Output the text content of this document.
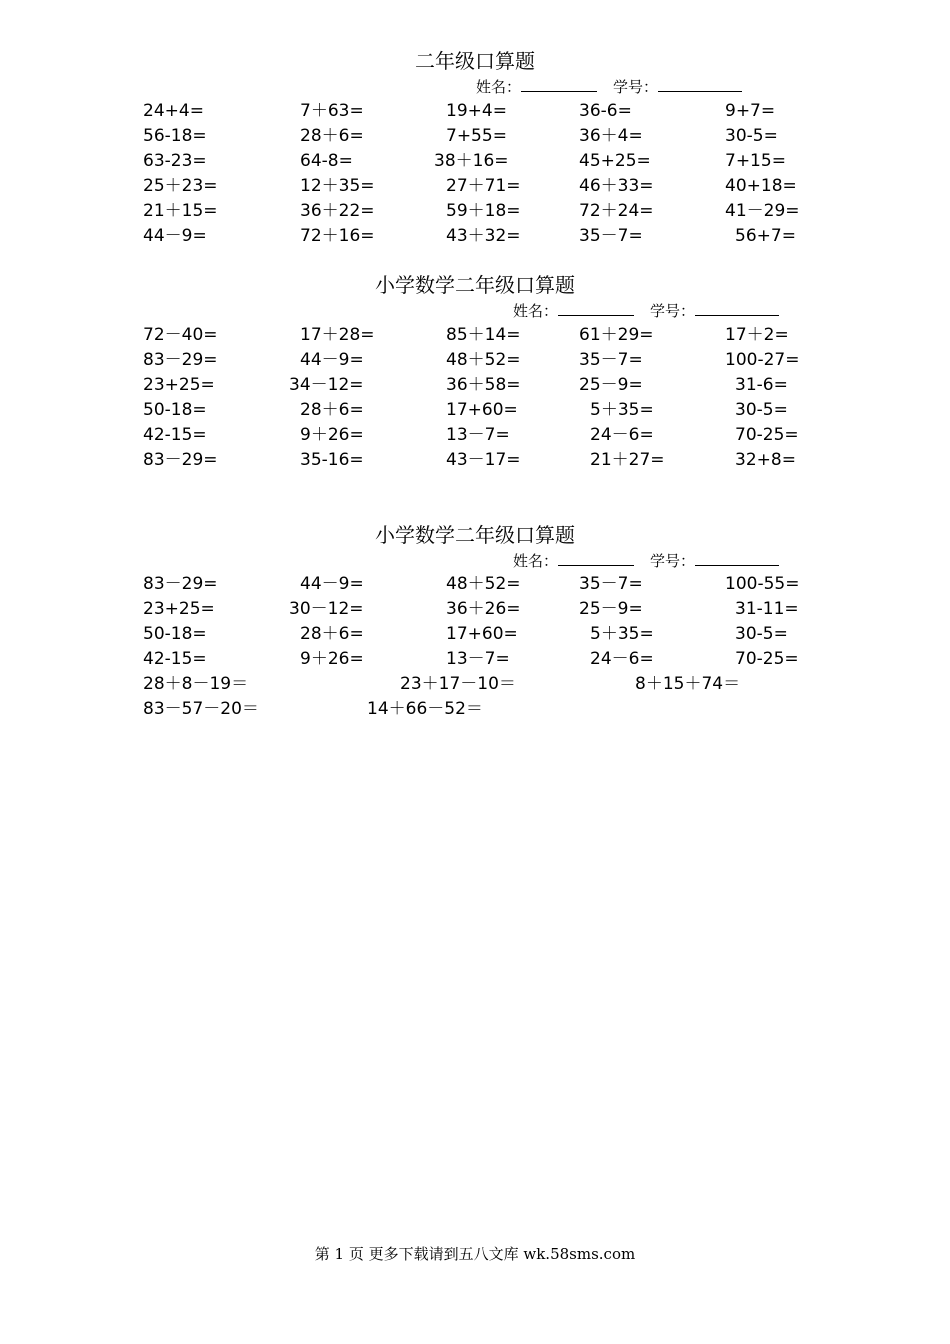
二年级口算题
姓名：	学号：
24+4=	7＋63=	19+4=	36-6=	9+7=
56-18=	28＋6=	7+55=	36＋4=	30-5=
63-23=	64-8=	38＋16=	45+25=	7+15=
25＋23=	12＋35=	27＋71=	46＋33=	40+18=
21＋15=	36＋22=	59＋18=	72＋24=	41－29=
44－9=	72＋16=	43＋32=	35－7=	56+7=
小学数学二年级口算题
姓名：	学号：
72－40=	17＋28=	85＋14=	61＋29=	17＋2=
83－29=	44－9=	48＋52=	35－7=	100-27=
23+25=	34－12=	36＋58=	25－9=	31-6=
50-18=	28＋6=	17+60=	5＋35=	30-5=
42-15=	9＋26=	13－7=	24－6=	70-25=
83－29=	35-16=	43－17=	21＋27=	32+8=
小学数学二年级口算题
姓名：	学号：
83－29=	44－9=	48＋52=	35－7=	100-55=
23+25=	30－12=	36＋26=	25－9=	31-11=
50-18=	28＋6=	17+60=	5＋35=	30-5=
42-15=	9＋26=	13－7=	24－6=	70-25=
28＋8－19＝	23＋17－10＝	8＋15＋74＝
83－57－20＝	14＋66－52＝
第 1 页 更多下载请到五八文库 wk.58sms.com
